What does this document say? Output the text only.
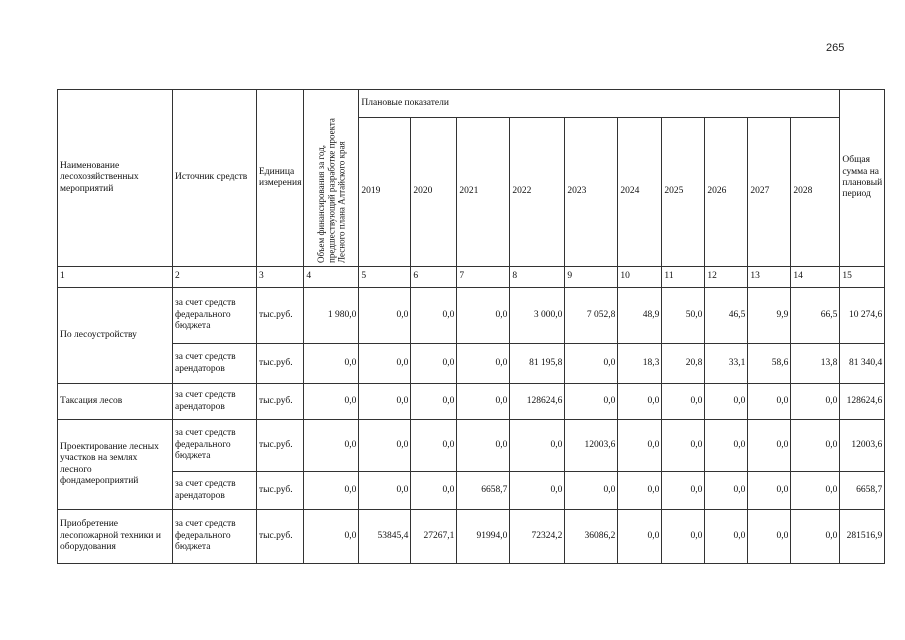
265
Наименование лесохозяйственных мероприятий	Источник средств	Единица измерения	Объем финансирования за год, предшествующий разработке проекта Лесного плана Алтайского края	Плановые показатели										Общая сумма на плановый период
				2019	2020	2021	2022	2023	2024	2025	2026	2027	2028	
1	2	3	4	5	6	7	8	9	10	11	12	13	14	15
По лесоустройству	за счет средств федерального бюджета	тыс.руб.	1 980,0	0,0	0,0	0,0	3 000,0	7 052,8	48,9	50,0	46,5	9,9	66,5	10 274,6
	за счет средств арендаторов	тыс.руб.	0,0	0,0	0,0	0,0	81 195,8	0,0	18,3	20,8	33,1	58,6	13,8	81 340,4
Таксация лесов	за счет средств арендаторов	тыс.руб.	0,0	0,0	0,0	0,0	128624,6	0,0	0,0	0,0	0,0	0,0	0,0	128624,6
Проектирование лесных участков на землях лесного фондамероприятий	за счет средств федерального бюджета	тыс.руб.	0,0	0,0	0,0	0,0	0,0	12003,6	0,0	0,0	0,0	0,0	0,0	12003,6
	за счет средств арендаторов	тыс.руб.	0,0	0,0	0,0	6658,7	0,0	0,0	0,0	0,0	0,0	0,0	0,0	6658,7
Приобретение лесопожарной техники и оборудования	за счет средств федерального бюджета	тыс.руб.	0,0	53845,4	27267,1	91994,0	72324,2	36086,2	0,0	0,0	0,0	0,0	0,0	281516,9
